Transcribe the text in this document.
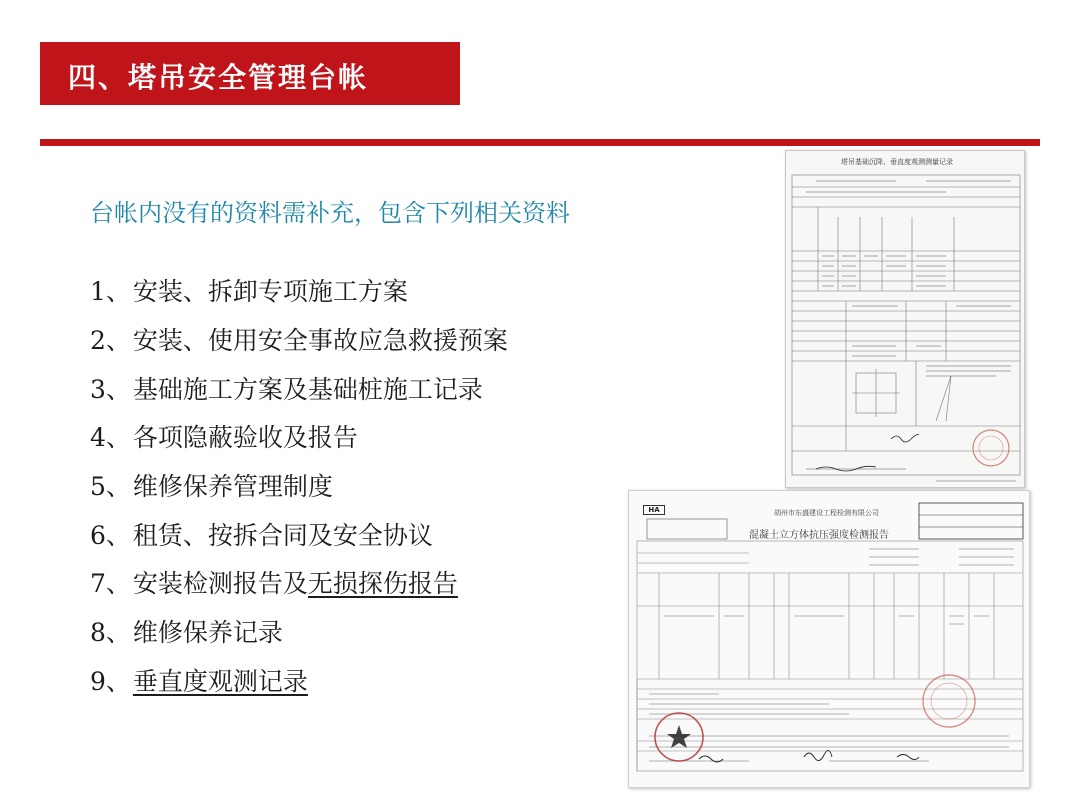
四、塔吊安全管理台帐
台帐内没有的资料需补充，包含下列相关资料
1、 安装、拆卸专项施工方案
2、 安装、使用安全事故应急救援预案
3、 基础施工方案及基础桩施工记录
4、 各项隐蔽验收及报告
5、 维修保养管理制度
6、 租赁、按拆合同及安全协议
7、 安装检测报告及 无损探伤报告
8、 维修保养记录
9、 垂直度观测记录
塔吊基础沉降、垂直度观测测量记录
HA	胡州市东盛建设工程检测有限公司
混凝土立方体抗压强度检测报告
